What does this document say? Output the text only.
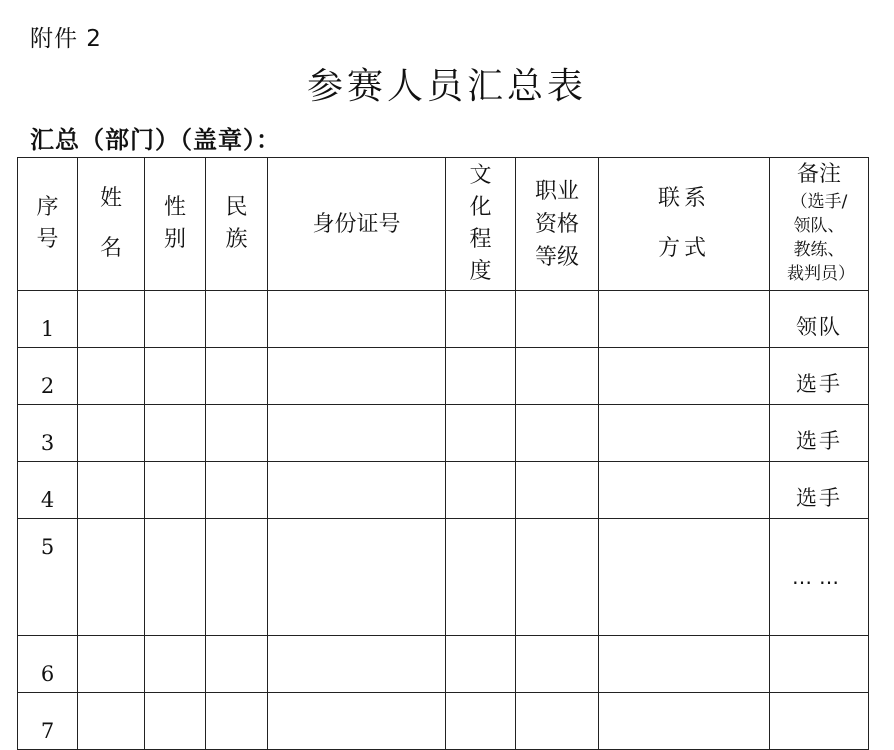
附件 2
参赛人员汇总表
汇总（部门）（盖章）：
序号	姓名	性别	民族	身份证号	文化程度	职业资格等级	联系方式	备注
（选手/领队、教练、裁判员）
1								领队
2								选手
3								选手
4								选手
5								……
6								
7								
